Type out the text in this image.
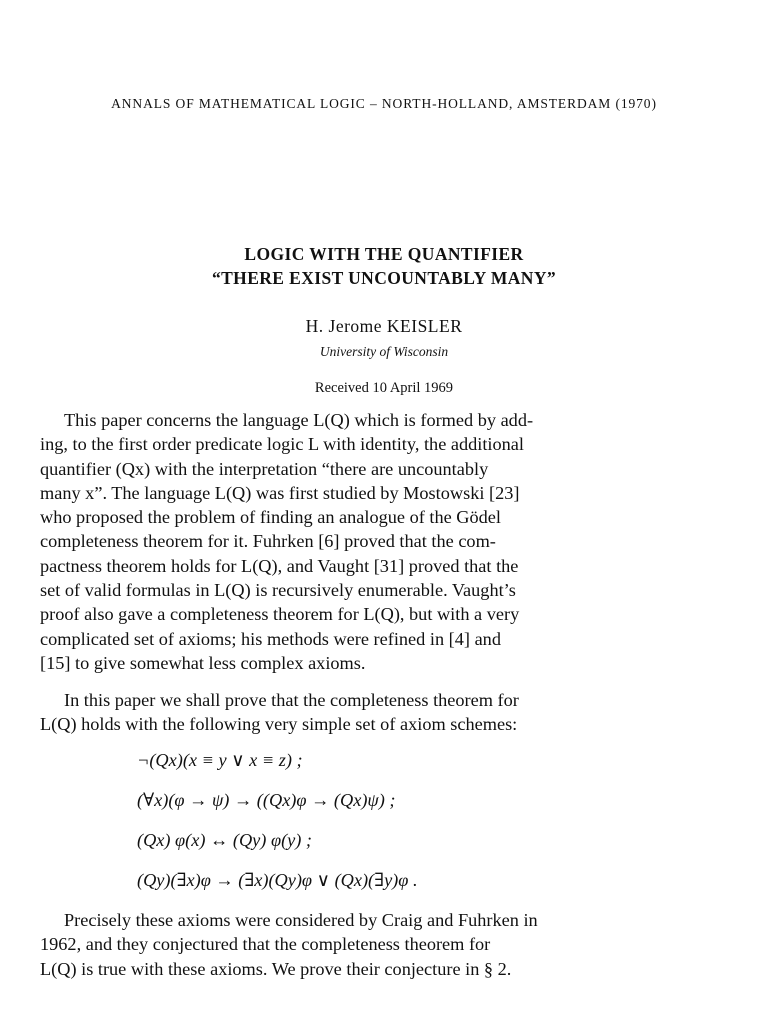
ANNALS OF MATHEMATICAL LOGIC – NORTH-HOLLAND, AMSTERDAM (1970)
LOGIC WITH THE QUANTIFIER
“THERE EXIST UNCOUNTABLY MANY”
H. Jerome KEISLER
University of Wisconsin
Received 10 April 1969
This paper concerns the language L(Q) which is formed by add-
ing, to the first order predicate logic L with identity, the additional
quantifier (Qx) with the interpretation “there are uncountably
many x”. The language L(Q) was first studied by Mostowski [23]
who proposed the problem of finding an analogue of the Gödel
completeness theorem for it. Fuhrken [6] proved that the com-
pactness theorem holds for L(Q), and Vaught [31] proved that the
set of valid formulas in L(Q) is recursively enumerable. Vaught’s
proof also gave a completeness theorem for L(Q), but with a very
complicated set of axioms; his methods were refined in [4] and
[15] to give somewhat less complex axioms.
In this paper we shall prove that the completeness theorem for
L(Q) holds with the following very simple set of axiom schemes:
¬(Qx)(x ≡ y ∨ x ≡ z) ;
(∀x)(φ → ψ) → ((Qx)φ → (Qx)ψ) ;
(Qx) φ(x) ↔ (Qy) φ(y) ;
(Qy)(∃x)φ → (∃x)(Qy)φ ∨ (Qx)(∃y)φ .
Precisely these axioms were considered by Craig and Fuhrken in
1962, and they conjectured that the completeness theorem for
L(Q) is true with these axioms. We prove their conjecture in § 2.
